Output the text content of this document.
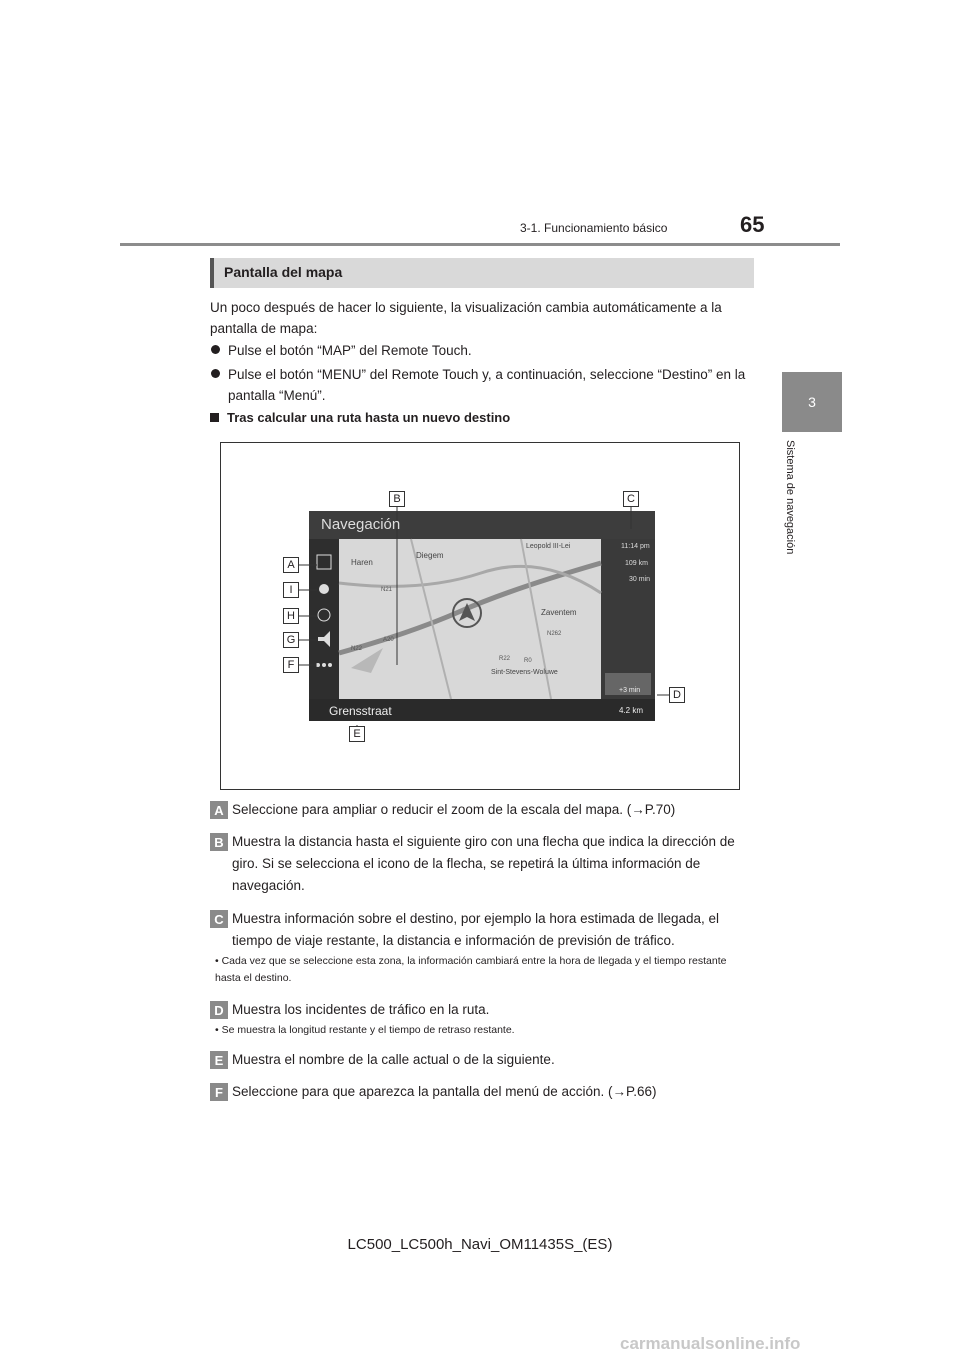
3-1. Funcionamiento básico	65
3
Sistema de navegación
Pantalla del mapa
Un poco después de hacer lo siguiente, la visualización cambia automáticamente a la pantalla de mapa:
Pulse el botón “MAP” del Remote Touch.
Pulse el botón “MENU” del Remote Touch y, a continuación, seleccione “Destino” en la pantalla “Menú”.
Tras calcular una ruta hasta un nuevo destino
Navegación
Grensstraat
Haren
Diegem
Zaventem
Leopold III-Lei
Sint-Stevens-Woluwe
N21
A20
N22
R22 R0
N262
11:14 pm
109 km
30 min
+3 min
4.2 km
B	C
A
I
H
G
F
D
E
A Seleccione para ampliar o reducir el zoom de la escala del mapa. (→P.70)
B Muestra la distancia hasta el siguiente giro con una flecha que indica la dirección de giro. Si se selecciona el icono de la flecha, se repetirá la última información de navegación.
C Muestra información sobre el destino, por ejemplo la hora estimada de llegada, el tiempo de viaje restante, la distancia e información de previsión de tráfico.
• Cada vez que se seleccione esta zona, la información cambiará entre la hora de llegada y el tiempo restante hasta el destino.
D Muestra los incidentes de tráfico en la ruta.
• Se muestra la longitud restante y el tiempo de retraso restante.
E Muestra el nombre de la calle actual o de la siguiente.
F Seleccione para que aparezca la pantalla del menú de acción. (→P.66)
LC500_LC500h_Navi_OM11435S_(ES)
carmanualsonline.info
